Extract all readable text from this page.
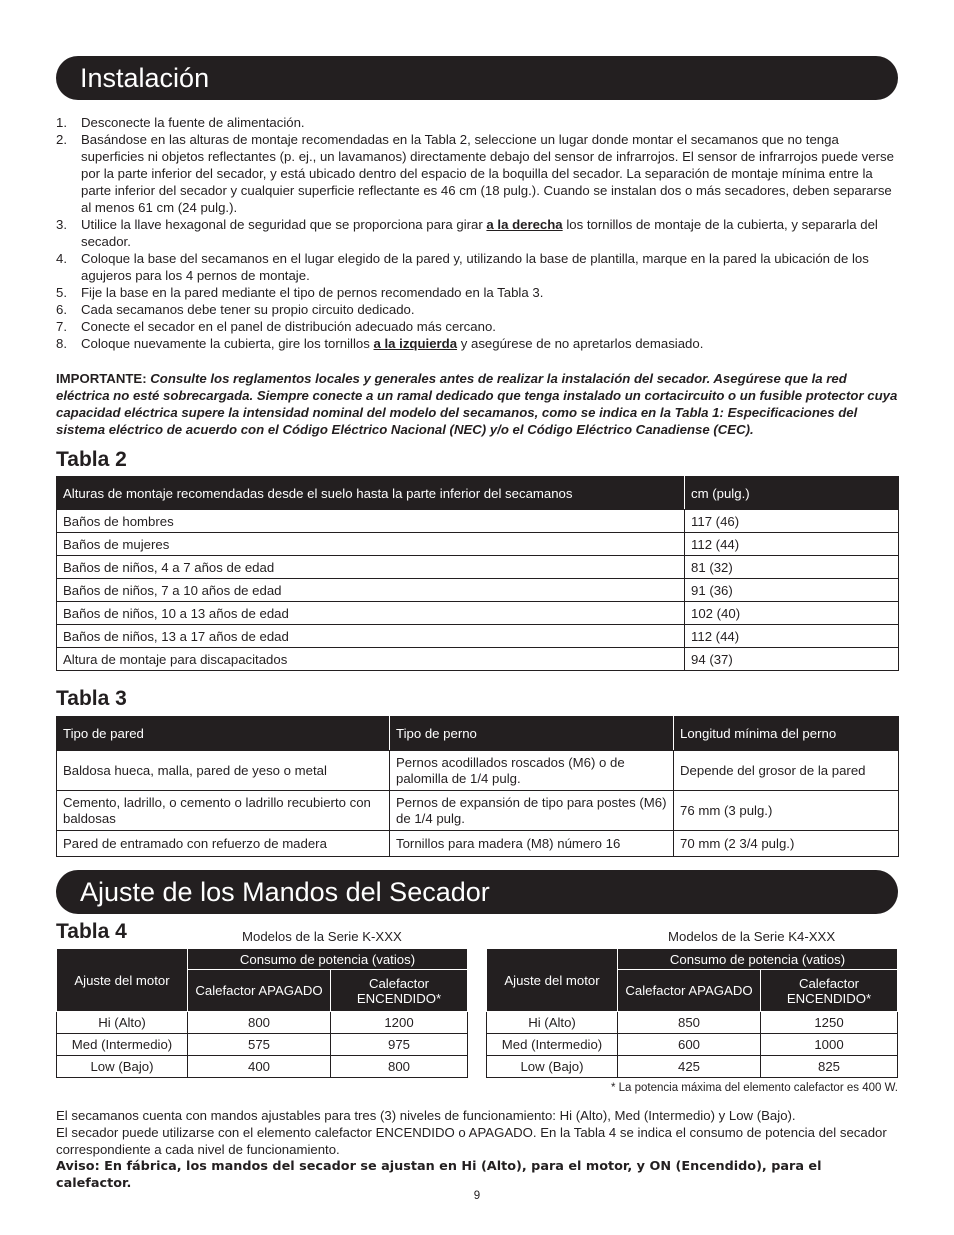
Instalación
1.	Desconecte la fuente de alimentación.
2.	Basándose en las alturas de montaje recomendadas en la Tabla 2, seleccione un lugar donde montar el secamanos que no tenga superficies ni objetos reflectantes (p. ej., un lavamanos) directamente debajo del sensor de infrarrojos. El sensor de infrarrojos puede verse por la parte inferior del secador, y está ubicado dentro del espacio de la boquilla del secador. La separación de montaje mínima entre la parte inferior del secador y cualquier superficie reflectante es 46 cm (18 pulg.). Cuando se instalan dos o más secadores, deben separarse al menos 61 cm (24 pulg.).
3.	Utilice la llave hexagonal de seguridad que se proporciona para girar a la derecha los tornillos de montaje de la cubierta, y separarla del secador.
4.	Coloque la base del secamanos en el lugar elegido de la pared y, utilizando la base de plantilla, marque en la pared la ubicación de los agujeros para los 4 pernos de montaje.
5.	Fije la base en la pared mediante el tipo de pernos recomendado en la Tabla 3.
6.	Cada secamanos debe tener su propio circuito dedicado.
7.	Conecte el secador en el panel de distribución adecuado más cercano.
8.	Coloque nuevamente la cubierta, gire los tornillos a la izquierda y asegúrese de no apretarlos demasiado.
IMPORTANTE: Consulte los reglamentos locales y generales antes de realizar la instalación del secador. Asegúrese que la red eléctrica no esté sobrecargada. Siempre conecte a un ramal dedicado que tenga instalado un cortacircuito o un fusible protector cuya capacidad eléctrica supere la intensidad nominal del modelo del secamanos, como se indica en la Tabla 1: Especificaciones del sistema eléctrico de acuerdo con el Código Eléctrico Nacional (NEC) y/o el Código Eléctrico Canadiense (CEC).
Tabla 2
Alturas de montaje recomendadas desde el suelo hasta la parte inferior del secamanos	cm (pulg.)
Baños de hombres	117 (46)
Baños de mujeres	112 (44)
Baños de niños, 4 a 7 años de edad	81 (32)
Baños de niños, 7 a 10 años de edad	91 (36)
Baños de niños, 10 a 13 años de edad	102 (40)
Baños de niños, 13 a 17 años de edad	112 (44)
Altura de montaje para discapacitados	94 (37)
Tabla 3
Tipo de pared	Tipo de perno	Longitud mínima del perno
Baldosa hueca, malla, pared de yeso o metal	Pernos acodillados roscados (M6) o de palomilla de 1/4 pulg.	Depende del grosor de la pared
Cemento, ladrillo, o cemento o ladrillo recubierto con baldosas	Pernos de expansión de tipo para postes (M6) de 1/4 pulg.	76 mm (3 pulg.)
Pared de entramado con refuerzo de madera	Tornillos para madera (M8) número 16	70 mm (2 3/4 pulg.)
Ajuste de los Mandos del Secador
Tabla 4	Modelos de la Serie K-XXX
Ajuste del motor	Consumo de potencia (vatios)	
	Calefactor APAGADO	Calefactor ENCENDIDO*
Hi (Alto)	800	1200
Med (Intermedio)	575	975
Low (Bajo)	400	800
Modelos de la Serie K4-XXX
Ajuste del motor	Consumo de potencia (vatios)	
	Calefactor APAGADO	Calefactor ENCENDIDO*
Hi (Alto)	850	1250
Med (Intermedio)	600	1000
Low (Bajo)	425	825
* La potencia máxima del elemento calefactor es 400 W.
El secamanos cuenta con mandos ajustables para tres (3) niveles de funcionamiento: Hi (Alto), Med (Intermedio) y Low (Bajo).
El secador puede utilizarse con el elemento calefactor ENCENDIDO o APAGADO. En la Tabla 4 se indica el consumo de potencia del secador correspondiente a cada nivel de funcionamiento.
Aviso: En fábrica, los mandos del secador se ajustan en Hi (Alto), para el motor, y ON (Encendido), para el calefactor.
9
